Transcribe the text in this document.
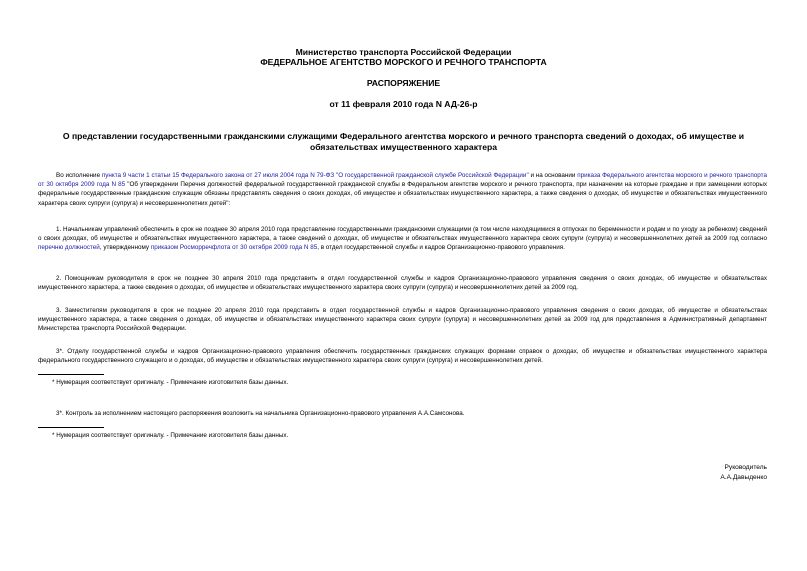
Министерство транспорта Российской Федерации
ФЕДЕРАЛЬНОЕ АГЕНТСТВО МОРСКОГО И РЕЧНОГО ТРАНСПОРТА
РАСПОРЯЖЕНИЕ
от 11 февраля 2010 года N АД-26-р
О представлении государственными гражданскими служащими Федерального агентства морского и речного транспорта сведений о доходах, об имуществе и обязательствах имущественного характера
Во исполнение пункта 9 части 1 статьи 15 Федерального закона от 27 июля 2004 года N 79-ФЗ "О государственной гражданской службе Российской Федерации" и на основании приказа Федерального агентства морского и речного транспорта от 30 октября 2009 года N 85 "Об утверждении Перечня должностей федеральной государственной гражданской службы в Федеральном агентстве морского и речного транспорта, при назначении на которые граждане и при замещении которых федеральные государственные гражданские служащие обязаны представлять сведения о своих доходах, об имуществе и обязательствах имущественного характера, а также сведения о доходах, об имуществе и обязательствах имущественного характера своих супруги (супруга) и несовершеннолетних детей":
1. Начальникам управлений обеспечить в срок не позднее 30 апреля 2010 года представление государственными гражданскими служащими (в том числе находящимися в отпусках по беременности и родам и по уходу за ребенком) сведений о своих доходах, об имуществе и обязательствах имущественного характера, а также сведений о доходах, об имуществе и обязательствах имущественного характера своих супруги (супруга) и несовершеннолетних детей за 2009 год согласно перечню должностей, утвержденному приказом Росморречфлота от 30 октября 2009 года N 85, в отдел государственной службы и кадров Организационно-правового управления.
2. Помощникам руководителя в срок не позднее 30 апреля 2010 года представить в отдел государственной службы и кадров Организационно-правового управления сведения о своих доходах, об имуществе и обязательствах имущественного характера, а также сведения о доходах, об имуществе и обязательствах имущественного характера своих супруги (супруга) и несовершеннолетних детей за 2009 год.
3. Заместителям руководителя в срок не позднее 20 апреля 2010 года представить в отдел государственной службы и кадров Организационно-правового управления сведения о своих доходах, об имуществе и обязательствах имущественного характера, а также сведения о доходах, об имуществе и обязательствах имущественного характера своих супруги (супруга) и несовершеннолетних детей за 2009 год для представления в Административный департамент Министерства транспорта Российской Федерации.
3*. Отделу государственной службы и кадров Организационно-правового управления обеспечить государственных гражданских служащих формами справок о доходах, об имуществе и обязательствах имущественного характера федерального государственного служащего и о доходах, об имуществе и обязательствах имущественного характера своих супруги (супруга) и несовершеннолетних детей.
* Нумерация соответствует оригиналу. - Примечание изготовителя базы данных.
3*. Контроль за исполнением настоящего распоряжения возложить на начальника Организационно-правового управления А.А.Самсонова.
* Нумерация соответствует оригиналу. - Примечание изготовителя базы данных.
Руководитель
А.А.Давыденко
